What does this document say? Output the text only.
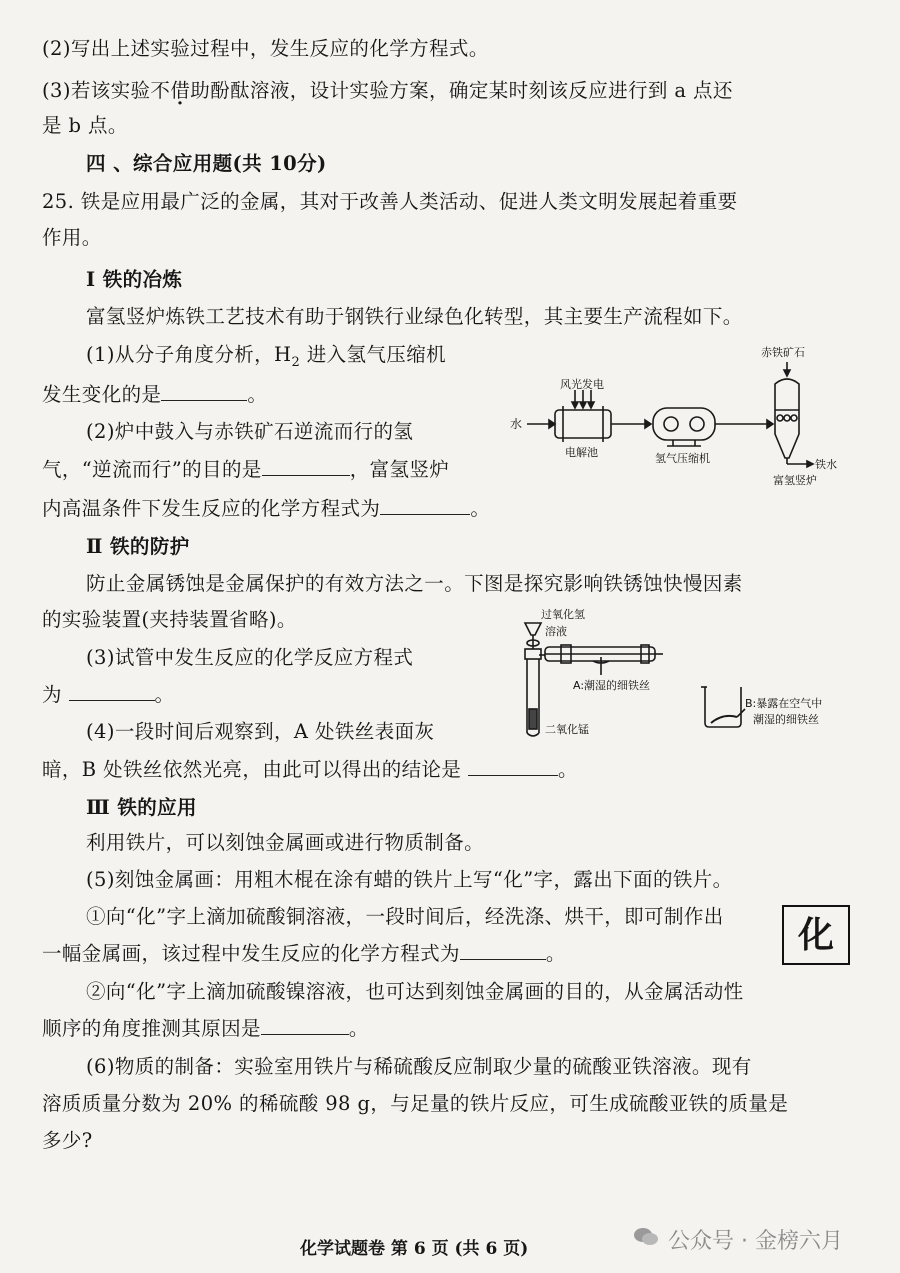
(2)写出上述实验过程中，发生反应的化学方程式。
(3)若该实验不借助酚酞溶液，设计实验方案，确定某时刻该反应进行到 a 点还
是 b 点。
四 、综合应用题(共 10分)
25. 铁是应用最广泛的金属，其对于改善人类活动、促进人类文明发展起着重要
作用。
Ⅰ 铁的冶炼
富氢竖炉炼铁工艺技术有助于钢铁行业绿色化转型，其主要生产流程如下。
(1)从分子角度分析，$H_2$ 进入氢气压缩机
发生变化的是	。
(2)炉中鼓入与赤铁矿石逆流而行的氢
气，“逆流而行”的目的是	，富氢竖炉
内高温条件下发生反应的化学方程式为	。
赤铁矿石
风光发电
水
电解池	氢气压缩机	铁水
富氢竖炉
Ⅱ 铁的防护
防止金属锈蚀是金属保护的有效方法之一。下图是探究影响铁锈蚀快慢因素
的实验装置(夹持装置省略)。
(3)试管中发生反应的化学反应方程式
为	。
(4)一段时间后观察到，A 处铁丝表面灰
暗，B 处铁丝依然光亮，由此可以得出的结论是	。
过氧化氢
溶液
A:潮湿的细铁丝
二氧化锰
B:暴露在空气中
潮湿的细铁丝
Ⅲ 铁的应用
利用铁片，可以刻蚀金属画或进行物质制备。
(5)刻蚀金属画：用粗木棍在涂有蜡的铁片上写“化”字，露出下面的铁片。
①向“化”字上滴加硫酸铜溶液，一段时间后，经洗涤、烘干，即可制作出
一幅金属画，该过程中发生反应的化学方程式为	。	化
②向“化”字上滴加硫酸镍溶液，也可达到刻蚀金属画的目的，从金属活动性
顺序的角度推测其原因是	。
(6)物质的制备：实验室用铁片与稀硫酸反应制取少量的硫酸亚铁溶液。现有
溶质质量分数为 20% 的稀硫酸 98 g，与足量的铁片反应，可生成硫酸亚铁的质量是
多少?
化学试题卷 第 6 页 (共 6 页)	公众号 · 金榜六月
